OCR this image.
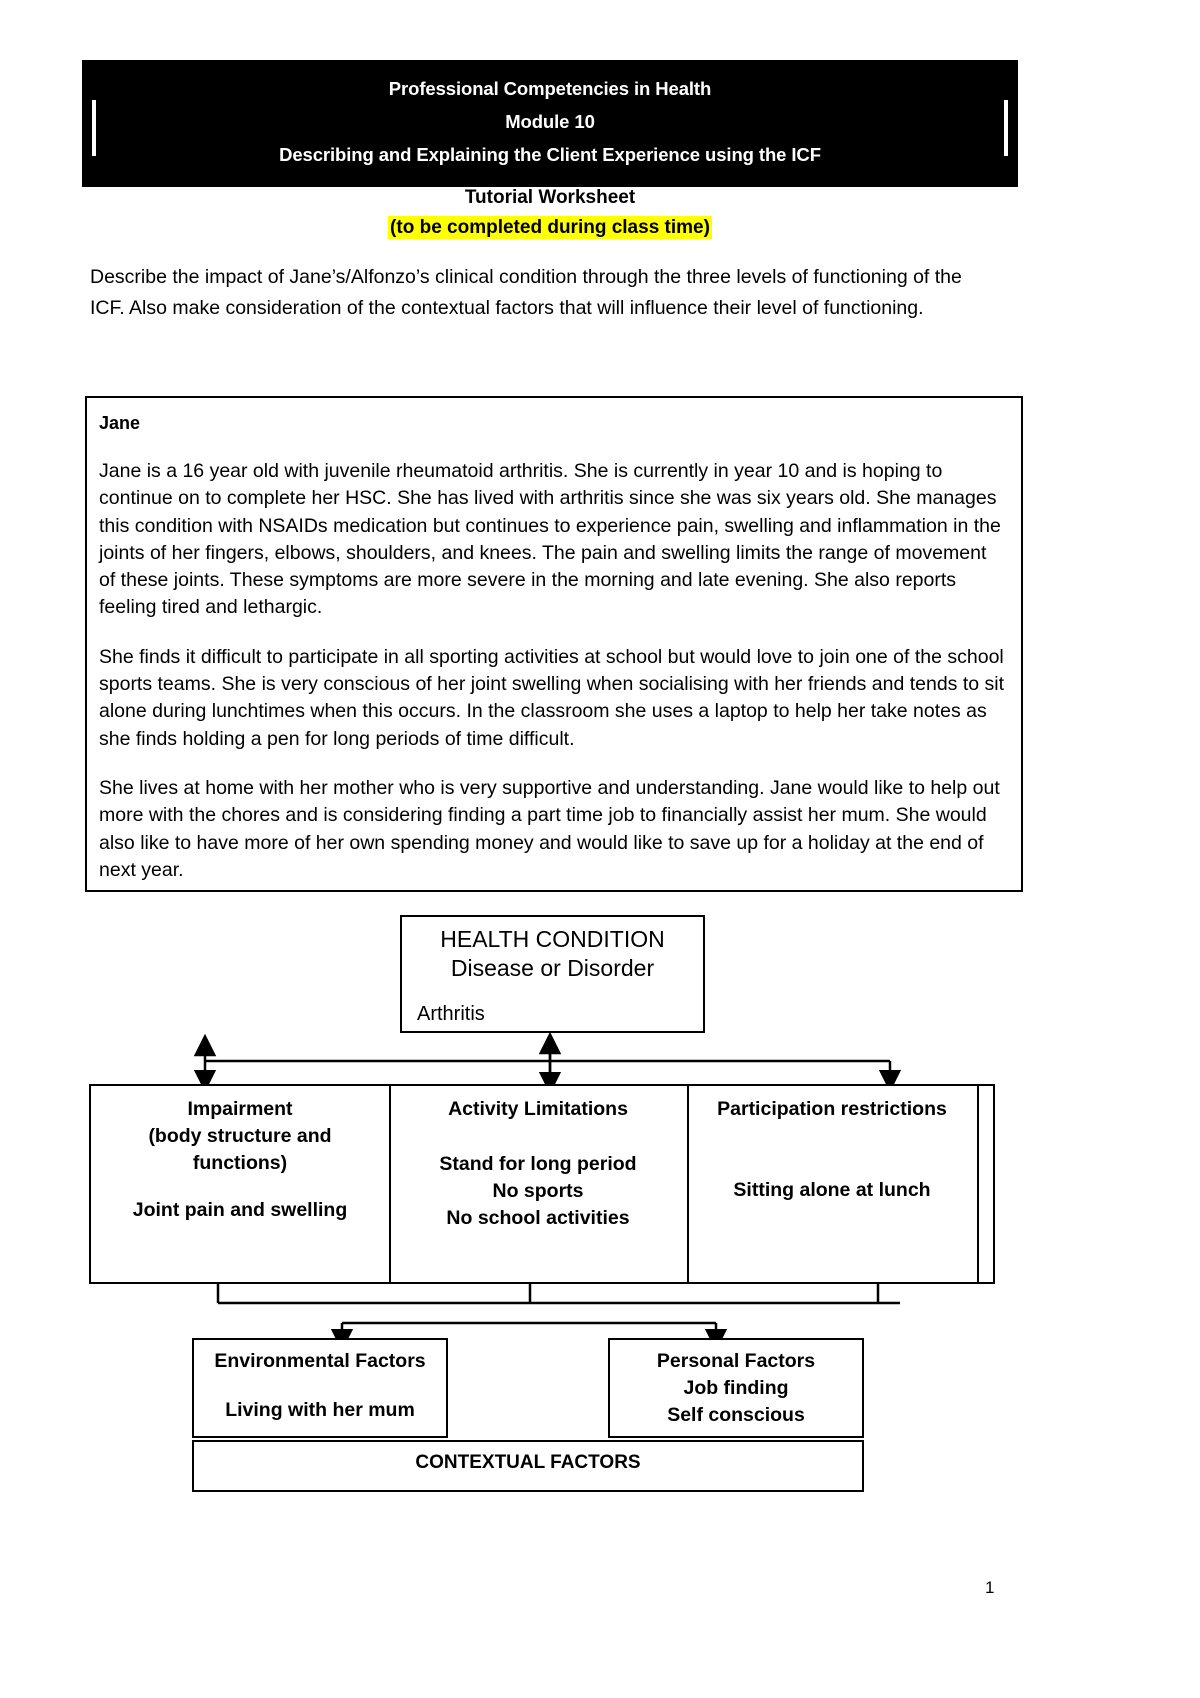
Professional Competencies in Health
Module 10
Describing and Explaining the Client Experience using the ICF
Tutorial Worksheet
(to be completed during class time)
Describe the impact of Jane’s/Alfonzo’s clinical condition through the three levels of functioning of the ICF. Also make consideration of the contextual factors that will influence their level of functioning.
Jane
Jane is a 16 year old with juvenile rheumatoid arthritis. She is currently in year 10 and is hoping to continue on to complete her HSC. She has lived with arthritis since she was six years old. She manages this condition with NSAIDs medication but continues to experience pain, swelling and inflammation in the joints of her fingers, elbows, shoulders, and knees. The pain and swelling limits the range of movement of these joints. These symptoms are more severe in the morning and late evening. She also reports feeling tired and lethargic.
She finds it difficult to participate in all sporting activities at school but would love to join one of the school sports teams. She is very conscious of her joint swelling when socialising with her friends and tends to sit alone during lunchtimes when this occurs. In the classroom she uses a laptop to help her take notes as she finds holding a pen for long periods of time difficult.
She lives at home with her mother who is very supportive and understanding. Jane would like to help out more with the chores and is considering finding a part time job to financially assist her mum. She would also like to have more of her own spending money and would like to save up for a holiday at the end of next year.
HEALTH CONDITION
Disease or Disorder
Arthritis
Impairment
(body structure and
functions)
Joint pain and swelling
Activity Limitations
Stand for long period
No sports
No school activities
Participation restrictions
Sitting alone at lunch
Environmental Factors
Living with her mum
Personal Factors
Job finding
Self conscious
CONTEXTUAL FACTORS
1
